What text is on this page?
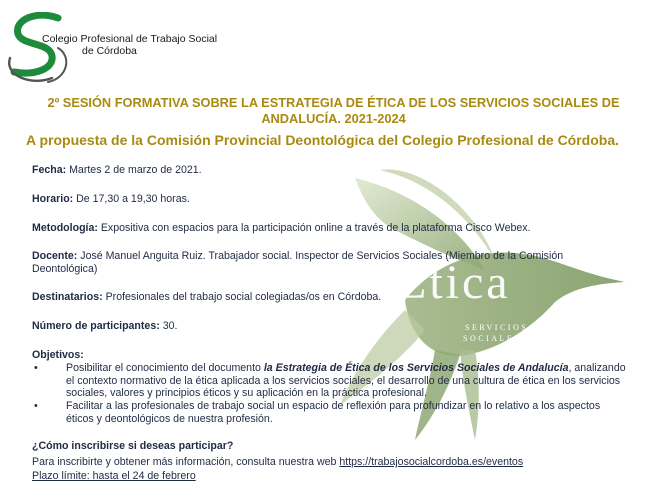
Colegio Profesional de Trabajo Social
de Córdoba
Ética
SERVICIOS
SOCIALES
2º SESIÓN FORMATIVA SOBRE LA ESTRATEGIA DE ÉTICA DE LOS SERVICIOS SOCIALES DE ANDALUCÍA. 2021-2024
A propuesta de la Comisión Provincial Deontológica del Colegio Profesional de Córdoba.
Fecha: Martes 2 de marzo de 2021.
Horario: De 17,30 a 19,30 horas.
Metodología: Expositiva con espacios para la participación online a través de la plataforma Cisco Webex.
Docente: José Manuel Anguita Ruiz. Trabajador social. Inspector de Servicios Sociales (Miembro de la Comisión Deontológica)
Destinatarios: Profesionales del trabajo social colegiadas/os en Córdoba.
Número de participantes: 30.
Objetivos:
•	Posibilitar el conocimiento del documento la Estrategia de Ética de los Servicios Sociales de Andalucía, analizando el contexto normativo de la ética aplicada a los servicios sociales, el desarrollo de una cultura de ética en los servicios sociales, valores y principios éticos y su aplicación en la práctica profesional.
•	Facilitar a las profesionales de trabajo social un espacio de reflexión para profundizar en lo relativo a los aspectos éticos y deontológicos de nuestra profesión.
¿Cómo inscribirse si deseas participar?
Para inscribirte y obtener más información, consulta nuestra web https://trabajosocialcordoba.es/eventos
Plazo límite: hasta el 24 de febrero
